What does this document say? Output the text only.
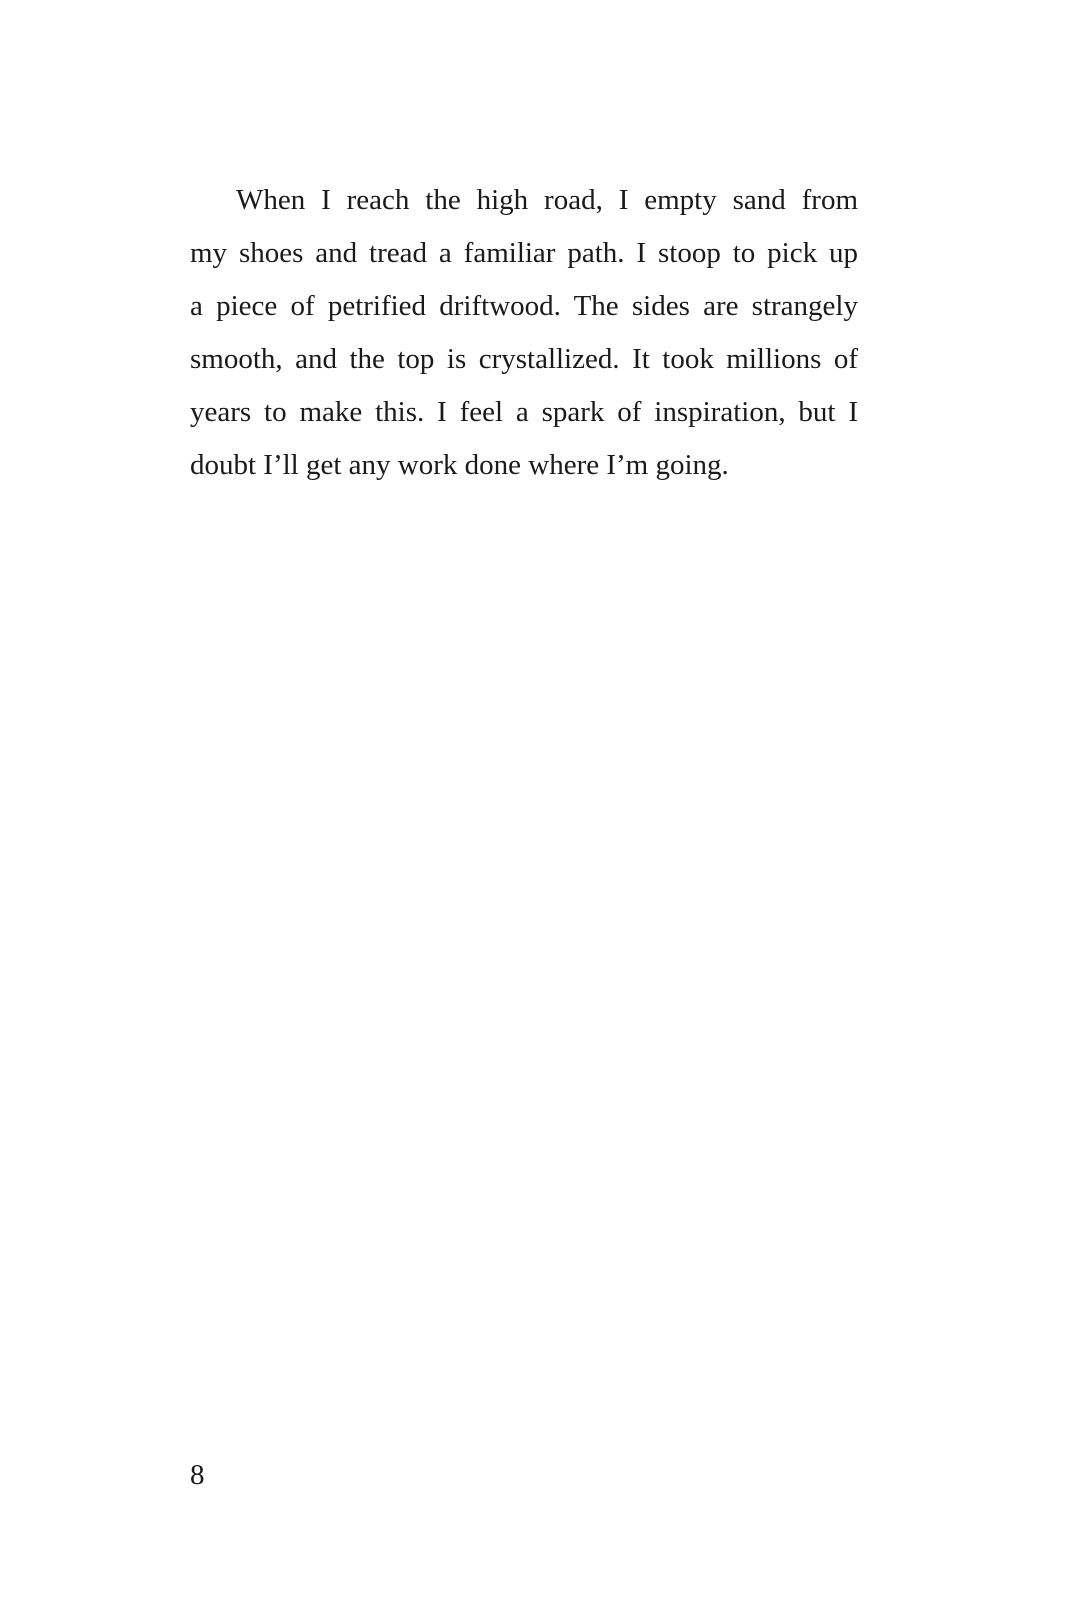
When I reach the high road, I empty sand from
my shoes and tread a familiar path. I stoop to pick up
a piece of petrified driftwood. The sides are strangely
smooth, and the top is crystallized. It took millions of
years to make this. I feel a spark of inspiration, but I
doubt I’ll get any work done where I’m going.
8
